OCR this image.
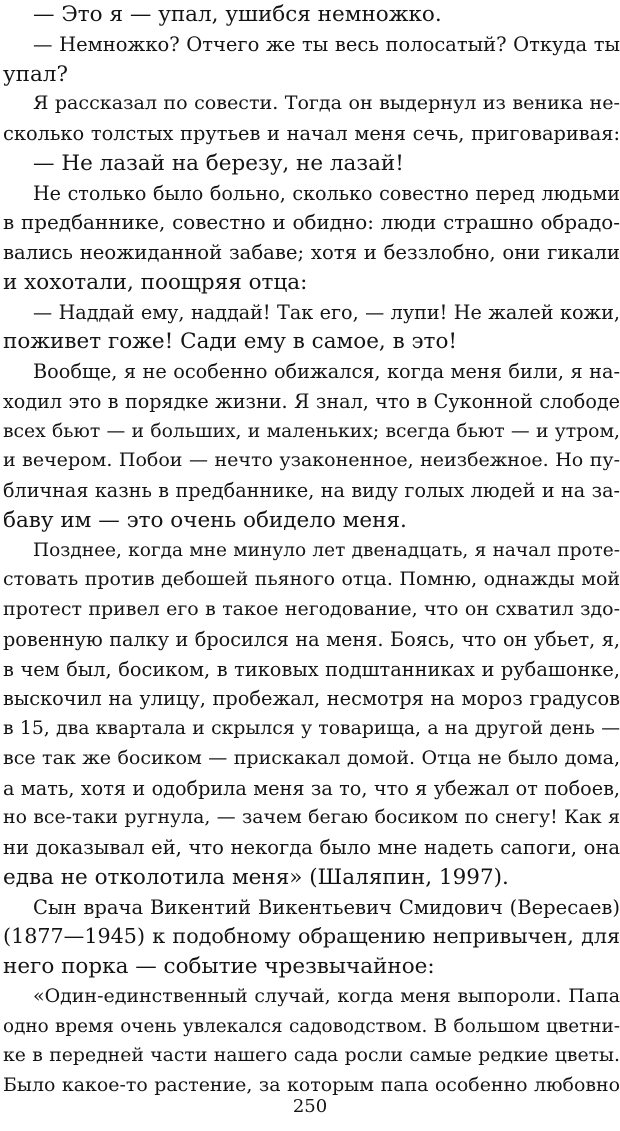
— Это я — упал, ушибся немножко.
— Немножко? Отчего же ты весь полосатый? Откуда ты
упал?
Я рассказал по совести. Тогда он выдернул из веника не-
сколько толстых прутьев и начал меня сечь, приговаривая:
— Не лазай на березу, не лазай!
Не столько было больно, сколько совестно перед людьми
в предбаннике, совестно и обидно: люди страшно обрадо-
вались неожиданной забаве; хотя и беззлобно, они гикали
и хохотали, поощряя отца:
— Наддай ему, наддай! Так его, — лупи! Не жалей кожи,
поживет гоже! Сади ему в самое, в это!
Вообще, я не особенно обижался, когда меня били, я на-
ходил это в порядке жизни. Я знал, что в Суконной слободе
всех бьют — и больших, и маленьких; всегда бьют — и утром,
и вечером. Побои — нечто узаконенное, неизбежное. Но пу-
бличная казнь в предбаннике, на виду голых людей и на за-
баву им — это очень обидело меня.
Позднее, когда мне минуло лет двенадцать, я начал проте-
стовать против дебошей пьяного отца. Помню, однажды мой
протест привел его в такое негодование, что он схватил здо-
ровенную палку и бросился на меня. Боясь, что он убьет, я,
в чем был, босиком, в тиковых подштанниках и рубашонке,
выскочил на улицу, пробежал, несмотря на мороз градусов
в 15, два квартала и скрылся у товарища, а на другой день —
все так же босиком — прискакал домой. Отца не было дома,
а мать, хотя и одобрила меня за то, что я убежал от побоев,
но все-таки ругнула, — зачем бегаю босиком по снегу! Как я
ни доказывал ей, что некогда было мне надеть сапоги, она
едва не отколотила меня» (Шаляпин, 1997).
Сын врача Викентий Викентьевич Смидович (Вересаев)
(1877—1945) к подобному обращению непривычен, для
него порка — событие чрезвычайное:
«Один-единственный случай, когда меня выпороли. Папа
одно время очень увлекался садоводством. В большом цветни-
ке в передней части нашего сада росли самые редкие цветы.
Было какое-то растение, за которым папа особенно любовно
250
